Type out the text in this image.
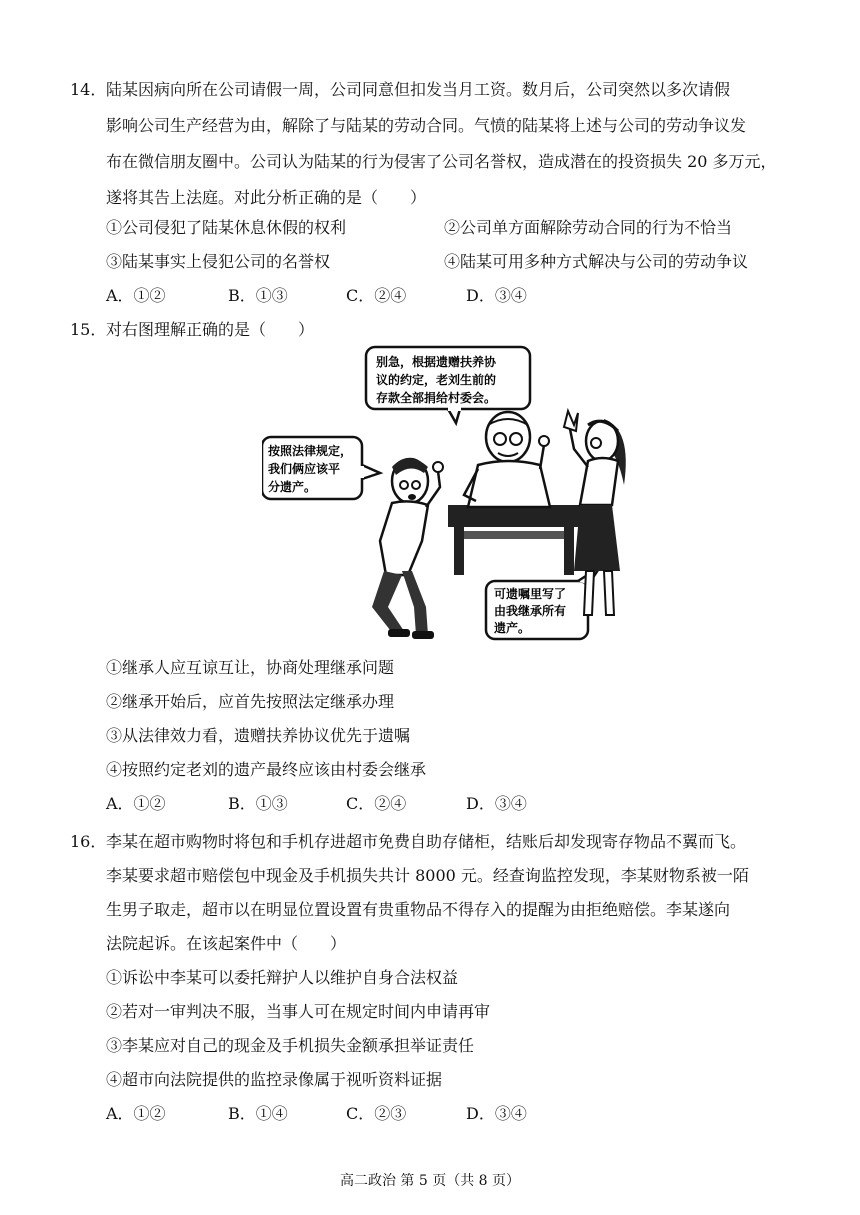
14． 陆某因病向所在公司请假一周，公司同意但扣发当月工资。数月后，公司突然以多次请假
影响公司生产经营为由，解除了与陆某的劳动合同。气愤的陆某将上述与公司的劳动争议发
布在微信朋友圈中。公司认为陆某的行为侵害了公司名誉权，造成潜在的投资损失 20 多万元，
遂将其告上法庭。对此分析正确的是（　　）
①公司侵犯了陆某休息休假的权利	②公司单方面解除劳动合同的行为不恰当
③陆某事实上侵犯公司的名誉权	④陆某可用多种方式解决与公司的劳动争议
A．①②	B．①③	C．②④	D．③④
15． 对右图理解正确的是（　　）
别急，根据遗赠扶养协
议的约定，老刘生前的
存款全部捐给村委会。
按照法律规定，
我们俩应该平
分遗产。
可遗嘱里写了
由我继承所有
遗产。
①继承人应互谅互让，协商处理继承问题
②继承开始后，应首先按照法定继承办理
③从法律效力看，遗赠扶养协议优先于遗嘱
④按照约定老刘的遗产最终应该由村委会继承
A．①②	B．①③	C．②④	D．③④
16． 李某在超市购物时将包和手机存进超市免费自助存储柜，结账后却发现寄存物品不翼而飞。
李某要求超市赔偿包中现金及手机损失共计 8000 元。经查询监控发现，李某财物系被一陌
生男子取走，超市以在明显位置设置有贵重物品不得存入的提醒为由拒绝赔偿。李某遂向
法院起诉。在该起案件中（　　）
①诉讼中李某可以委托辩护人以维护自身合法权益
②若对一审判决不服，当事人可在规定时间内申请再审
③李某应对自己的现金及手机损失金额承担举证责任
④超市向法院提供的监控录像属于视听资料证据
A．①②	B．①④	C．②③	D．③④
高二政治 第 5 页（共 8 页）
